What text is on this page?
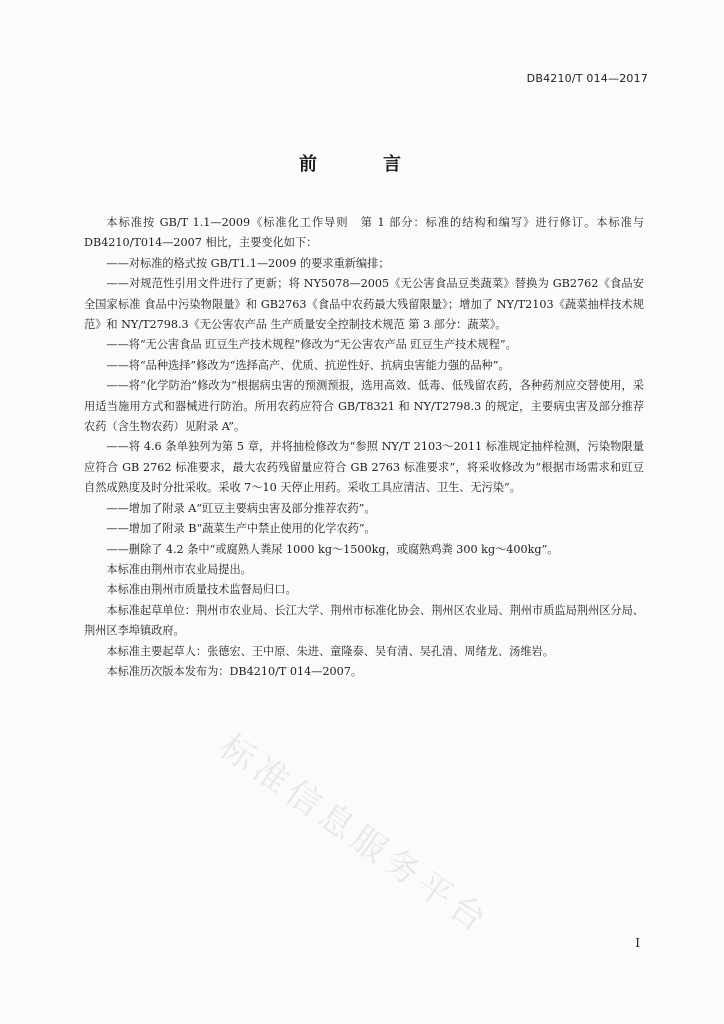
DB4210/T 014—2017
前　言

本标准按 GB/T 1.1—2009《标准化工作导则　第 1 部分：标准的结构和编写》进行修订。本标准与 DB4210/T014—2007 相比，主要变化如下：

——对标准的格式按 GB/T1.1—2009 的要求重新编排；

——对规范性引用文件进行了更新；将 NY5078—2005《无公害食品豆类蔬菜》替换为 GB2762《食品安全国家标准 食品中污染物限量》和 GB2763《食品中农药最大残留限量》；增加了 NY/T2103《蔬菜抽样技术规范》和 NY/T2798.3《无公害农产品 生产质量安全控制技术规范 第 3 部分：蔬菜》。

——将“无公害食品 豇豆生产技术规程”修改为“无公害农产品 豇豆生产技术规程”。

——将“品种选择”修改为“选择高产、优质、抗逆性好、抗病虫害能力强的品种”。

——将“化学防治”修改为“根据病虫害的预测预报，选用高效、低毒、低残留农药，各种药剂应交替使用，采用适当施用方式和器械进行防治。所用农药应符合 GB/T8321 和 NY/T2798.3 的规定，主要病虫害及部分推荐农药（含生物农药）见附录 A”。

——将 4.6 条单独列为第 5 章，并将抽检修改为“参照 NY/T 2103～2011 标准规定抽样检测，污染物限量应符合 GB 2762 标准要求，最大农药残留量应符合 GB 2763 标准要求”，将采收修改为“根据市场需求和豇豆自然成熟度及时分批采收。采收 7～10 天停止用药。采收工具应清洁、卫生、无污染”。

——增加了附录 A“豇豆主要病虫害及部分推荐农药”。

——增加了附录 B“蔬菜生产中禁止使用的化学农药”。

——删除了 4.2 条中“或腐熟人粪尿 1000 kg～1500kg，或腐熟鸡粪 300 kg～400kg”。

本标准由荆州市农业局提出。

本标准由荆州市质量技术监督局归口。

本标准起草单位：荆州市农业局、长江大学、荆州市标准化协会、荆州区农业局、荆州市质监局荆州区分局、荆州区李埠镇政府。

本标准主要起草人：张德宏、王中原、朱进、童隆泰、吴有清、吴孔清、周绪龙、汤维岩。

本标准历次版本发布为：DB4210/T 014—2007。

标准信息服务平台
I
